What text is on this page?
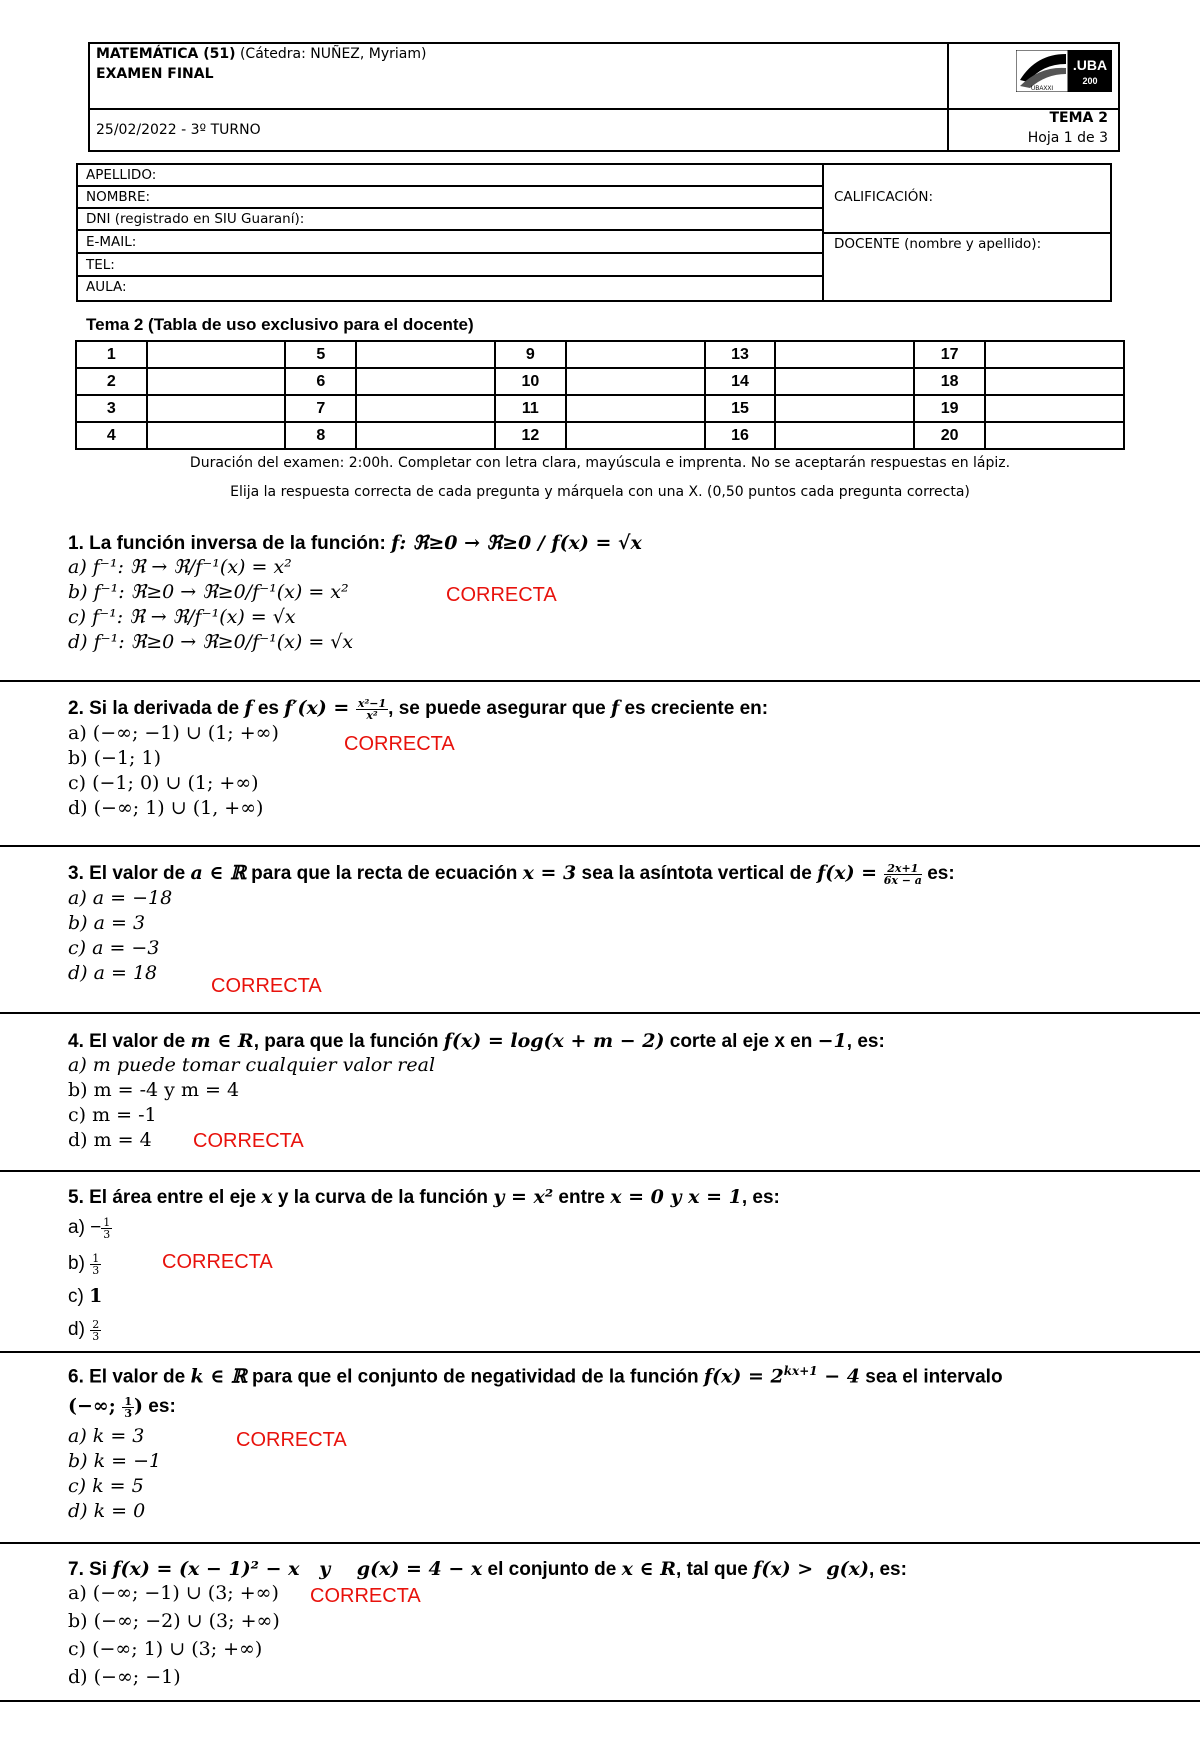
MATEMÁTICA (51) (Cátedra: NUÑEZ, Myriam)
EXAMEN FINAL
25/02/2022 - 3º TURNO
TEMA 2
Hoja 1 de 3
.UBA
200
UBAXXI
APELLIDO:
NOMBRE:
DNI (registrado en SIU Guaraní):
E-MAIL:
TEL:
AULA:
CALIFICACIÓN:
DOCENTE (nombre y apellido):
Tema 2 (Tabla de uso exclusivo para el docente)
1		5		9		13		17	
2		6		10		14		18	
3		7		11		15		19	
4		8		12		16		20	
Duración del examen: 2:00h. Completar con letra clara, mayúscula e imprenta. No se aceptarán respuestas en lápiz.
Elija la respuesta correcta de cada pregunta y márquela con una X. (0,50 puntos cada pregunta correcta)
1. La función inversa de la función: f: ℜ≥0 → ℜ≥0 / f(x) = √x
a) f⁻¹: ℜ → ℜ/f⁻¹(x) = x²
b) f⁻¹: ℜ≥0 → ℜ≥0/f⁻¹(x) = x²
c) f⁻¹: ℜ → ℜ/f⁻¹(x) = √x
d) f⁻¹: ℜ≥0 → ℜ≥0/f⁻¹(x) = √x
CORRECTA
2. Si la derivada de f es $f'(x) = \frac{\text{x²−1}}{\text{x²}}$ , se puede asegurar que f es creciente en:
a) (−∞; −1) ∪ (1; +∞)
b) (−1; 1)
c) (−1; 0) ∪ (1; +∞)
d) (−∞; 1) ∪ (1, +∞)
CORRECTA
3. El valor de a ∈ ℝ para que la recta de ecuación x = 3 sea la asíntota vertical de $f(x) = \frac{2x+1}{6x - a}$ es:
a) a = −18
b) a = 3
c) a = −3
d) a = 18
CORRECTA
4. El valor de m ∈ R, para que la función f(x) = log(x + m − 2) corte al eje x en −1, es:
a) m puede tomar cualquier valor real
b) m = -4 y m = 4
c) m = -1
d) m = 4	CORRECTA
5. El área entre el eje x y la curva de la función y = x² entre x = 0 y x = 1, es:
$a) - \frac{1}{3}$
$b) \frac{1}{3}$
c) 1
$d) \frac{2}{3}$
CORRECTA
6. El valor de k ∈ ℝ para que el conjunto de negatividad de la función $f(x) = 2^{kx+1} - 4$ sea el intervalo
(−∞; $\frac{1}{3}$ ) es:
a) k = 3
b) k = −1
c) k = 5
d) k = 0
CORRECTA
7. Si f(x) = (x − 1)² − x   y    g(x) = 4 − x el conjunto de x ∈ R, tal que f(x) >  g(x), es:
a) (−∞; −1) ∪ (3; +∞)
b) (−∞; −2) ∪ (3; +∞)
c) (−∞; 1) ∪ (3; +∞)
d) (−∞; −1)
CORRECTA
